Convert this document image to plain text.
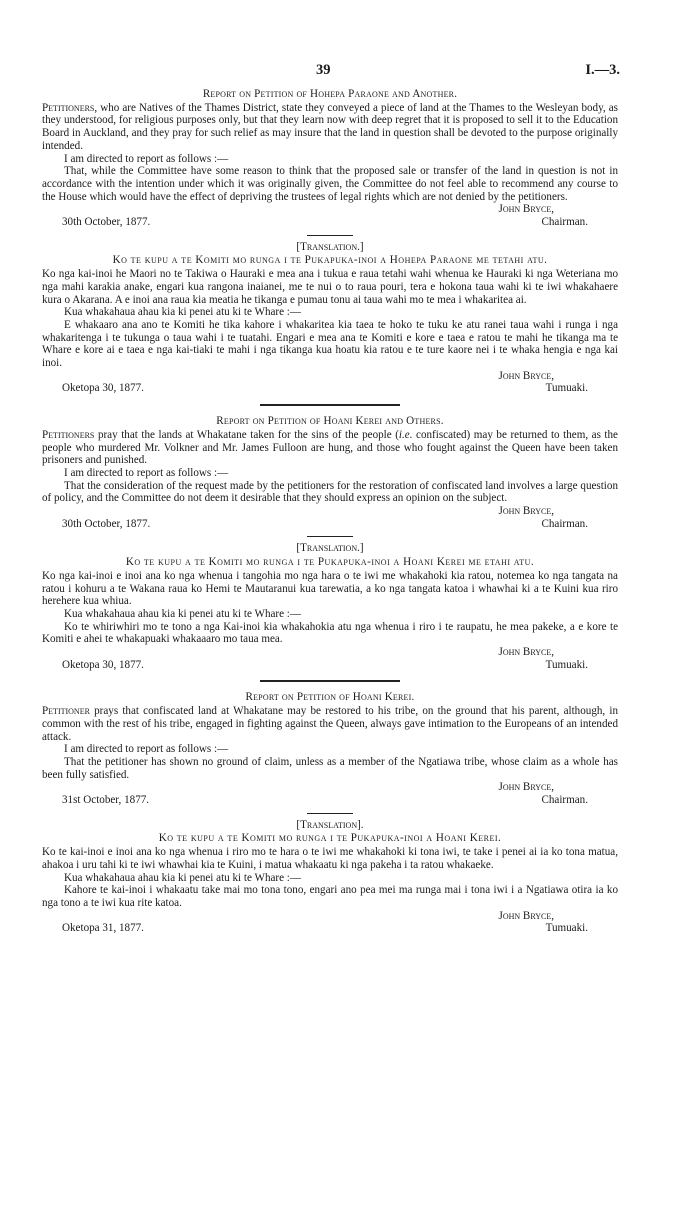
39	I.—3.
Report on Petition of Hohepa Paraone and Another.

Petitioners, who are Natives of the Thames District, state they conveyed a piece of land at the Thames to the Wesleyan body, as they understood, for religious purposes only, but that they learn now with deep regret that it is proposed to sell it to the Education Board in Auckland, and they pray for such relief as may insure that the land in question shall be devoted to the purpose originally intended.

I am directed to report as follows :—

That, while the Committee have some reason to think that the proposed sale or transfer of the land in question is not in accordance with the intention under which it was originally given, the Committee do not feel able to recommend any course to the House which would have the effect of depriving the trustees of legal rights which are not denied by the petitioners.

John Bryce,
30th October, 1877.	Chairman.
[Translation.]
Ko te kupu a te Komiti mo runga i te Pukapuka-inoi a Hohepa Paraone me tetahi atu.

Ko nga kai-inoi he Maori no te Takiwa o Hauraki e mea ana i tukua e raua tetahi wahi whenua ke Hauraki ki nga Weteriana mo nga mahi karakia anake, engari kua rangona inaianei, me te nui o to raua pouri, tera e hokona taua wahi ki te iwi whakahaere kura o Akarana. A e inoi ana raua kia meatia he tikanga e pumau tonu ai taua wahi mo te mea i whakaritea ai.

Kua whakahaua ahau kia ki penei atu ki te Whare :—

E whakaaro ana ano te Komiti he tika kahore i whakaritea kia taea te hoko te tuku ke atu ranei taua wahi i runga i nga whakaritenga i te tukunga o taua wahi i te tuatahi. Engari e mea ana te Komiti e kore e taea e ratou te mahi he tikanga ma te Whare e kore ai e taea e nga kai-tiaki te mahi i nga tikanga kua hoatu kia ratou e te ture kaore nei i te whaka hengia e nga kai inoi.

John Bryce,
Oketopa 30, 1877.	Tumuaki.
Report on Petition of Hoani Kerei and Others.

Petitioners pray that the lands at Whakatane taken for the sins of the people (i.e. confiscated) may be returned to them, as the people who murdered Mr. Volkner and Mr. James Fulloon are hung, and those who fought against the Queen have been taken prisoners and punished.

I am directed to report as follows :—

That the consideration of the request made by the petitioners for the restoration of confiscated land involves a large question of policy, and the Committee do not deem it desirable that they should express an opinion on the subject.

John Bryce,
30th October, 1877.	Chairman.
[Translation.]
Ko te kupu a te Komiti mo runga i te Pukapuka-inoi a Hoani Kerei me etahi atu.

Ko nga kai-inoi e inoi ana ko nga whenua i tangohia mo nga hara o te iwi me whakahoki kia ratou, notemea ko nga tangata na ratou i kohuru a te Wakana raua ko Hemi te Mautaranui kua tarewatia, a ko nga tangata katoa i whawhai ki a te Kuini kua riro herehere kua whiua.

Kua whakahaua ahau kia ki penei atu ki te Whare :—

Ko te whiriwhiri mo te tono a nga Kai-inoi kia whakahokia atu nga whenua i riro i te raupatu, he mea pakeke, a e kore te Komiti e ahei te whakapuaki whakaaaro mo taua mea.

John Bryce,
Oketopa 30, 1877.	Tumuaki.
Report on Petition of Hoani Kerei.

Petitioner prays that confiscated land at Whakatane may be restored to his tribe, on the ground that his parent, although, in common with the rest of his tribe, engaged in fighting against the Queen, always gave intimation to the Europeans of an intended attack.

I am directed to report as follows :—

That the petitioner has shown no ground of claim, unless as a member of the Ngatiawa tribe, whose claim as a whole has been fully satisfied.

John Bryce,
31st October, 1877.	Chairman.
[Translation].
Ko te kupu a te Komiti mo runga i te Pukapuka-inoi a Hoani Kerei.

Ko te kai-inoi e inoi ana ko nga whenua i riro mo te hara o te iwi me whakahoki ki tona iwi, te take i penei ai ia ko tona matua, ahakoa i uru tahi ki te iwi whawhai kia te Kuini, i matua whakaatu ki nga pakeha i ta ratou whakaeke.

Kua whakahaua ahau kia ki penei atu ki te Whare :—

Kahore te kai-inoi i whakaatu take mai mo tona tono, engari ano pea mei ma runga mai i tona iwi i a Ngatiawa otira ia ko nga tono a te iwi kua rite katoa.

John Bryce,
Oketopa 31, 1877.	Tumuaki.
